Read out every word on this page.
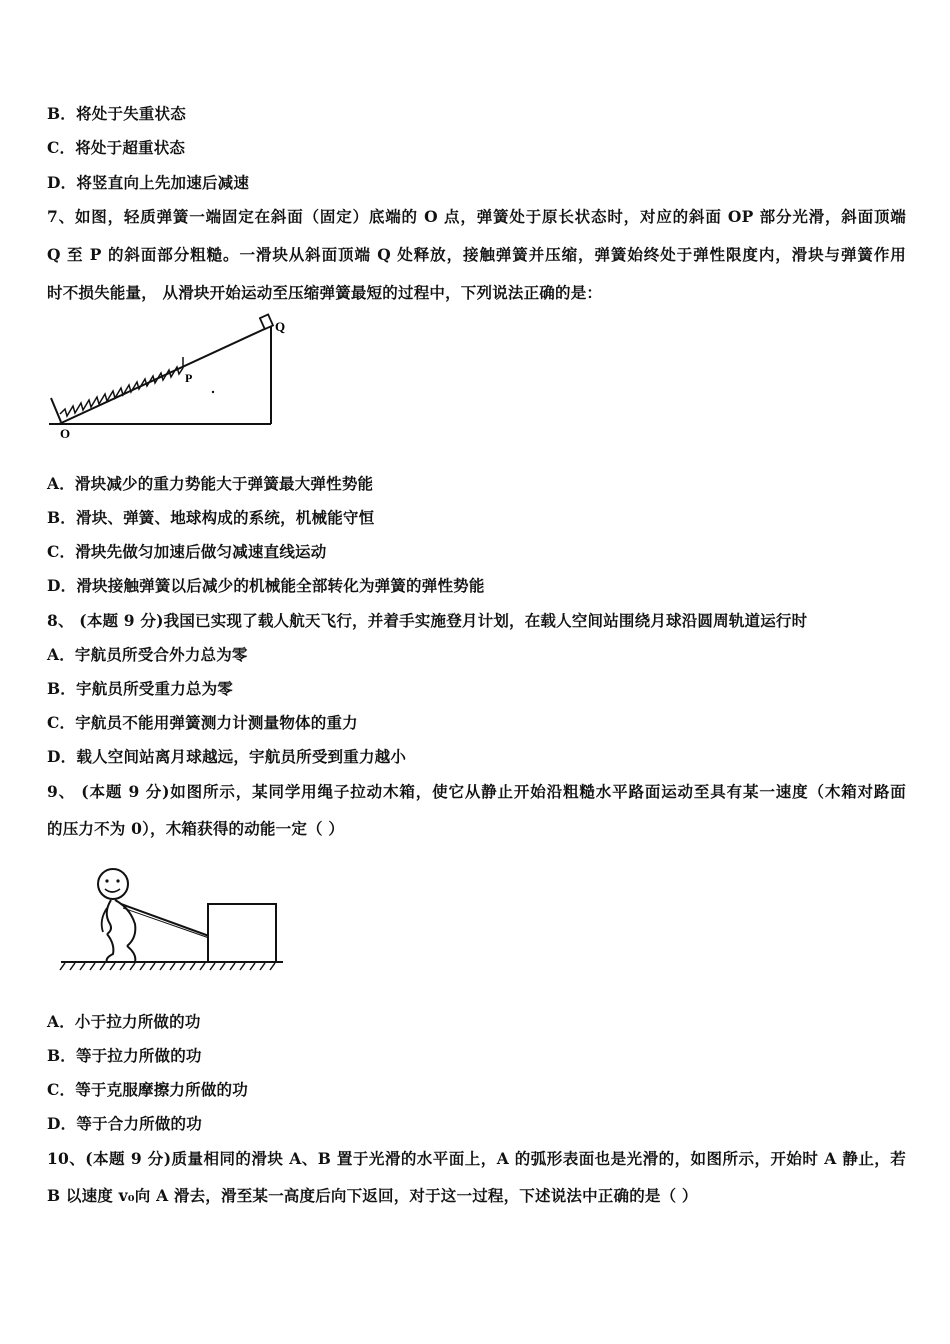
B．将处于失重状态
C．将处于超重状态
D．将竖直向上先加速后减速
7、如图，轻质弹簧一端固定在斜面（固定）底端的 O 点，弹簧处于原长状态时，对应的斜面 OP 部分光滑，斜面顶端
Q 至 P 的斜面部分粗糙。一滑块从斜面顶端 Q 处释放，接触弹簧并压缩，弹簧始终处于弹性限度内，滑块与弹簧作用
时不损失能量， 从滑块开始运动至压缩弹簧最短的过程中，下列说法正确的是：
Q
P
O
A．滑块减少的重力势能大于弹簧最大弹性势能
B．滑块、弹簧、地球构成的系统，机械能守恒
C．滑块先做匀加速后做匀减速直线运动
D．滑块接触弹簧以后减少的机械能全部转化为弹簧的弹性势能
8、 (本题 9 分)我国已实现了载人航天飞行，并着手实施登月计划，在载人空间站围绕月球沿圆周轨道运行时
A．宇航员所受合外力总为零
B．宇航员所受重力总为零
C．宇航员不能用弹簧测力计测量物体的重力
D．载人空间站离月球越远，宇航员所受到重力越小
9、 (本题 9 分)如图所示，某同学用绳子拉动木箱，使它从静止开始沿粗糙水平路面运动至具有某一速度（木箱对路面
的压力不为 0），木箱获得的动能一定（ ）
A．小于拉力所做的功
B．等于拉力所做的功
C．等于克服摩擦力所做的功
D．等于合力所做的功
10、(本题 9 分)质量相同的滑块 A、B 置于光滑的水平面上，A 的弧形表面也是光滑的，如图所示，开始时 A 静止，若
B 以速度 v₀向 A 滑去，滑至某一高度后向下返回，对于这一过程，下述说法中正确的是（ ）
